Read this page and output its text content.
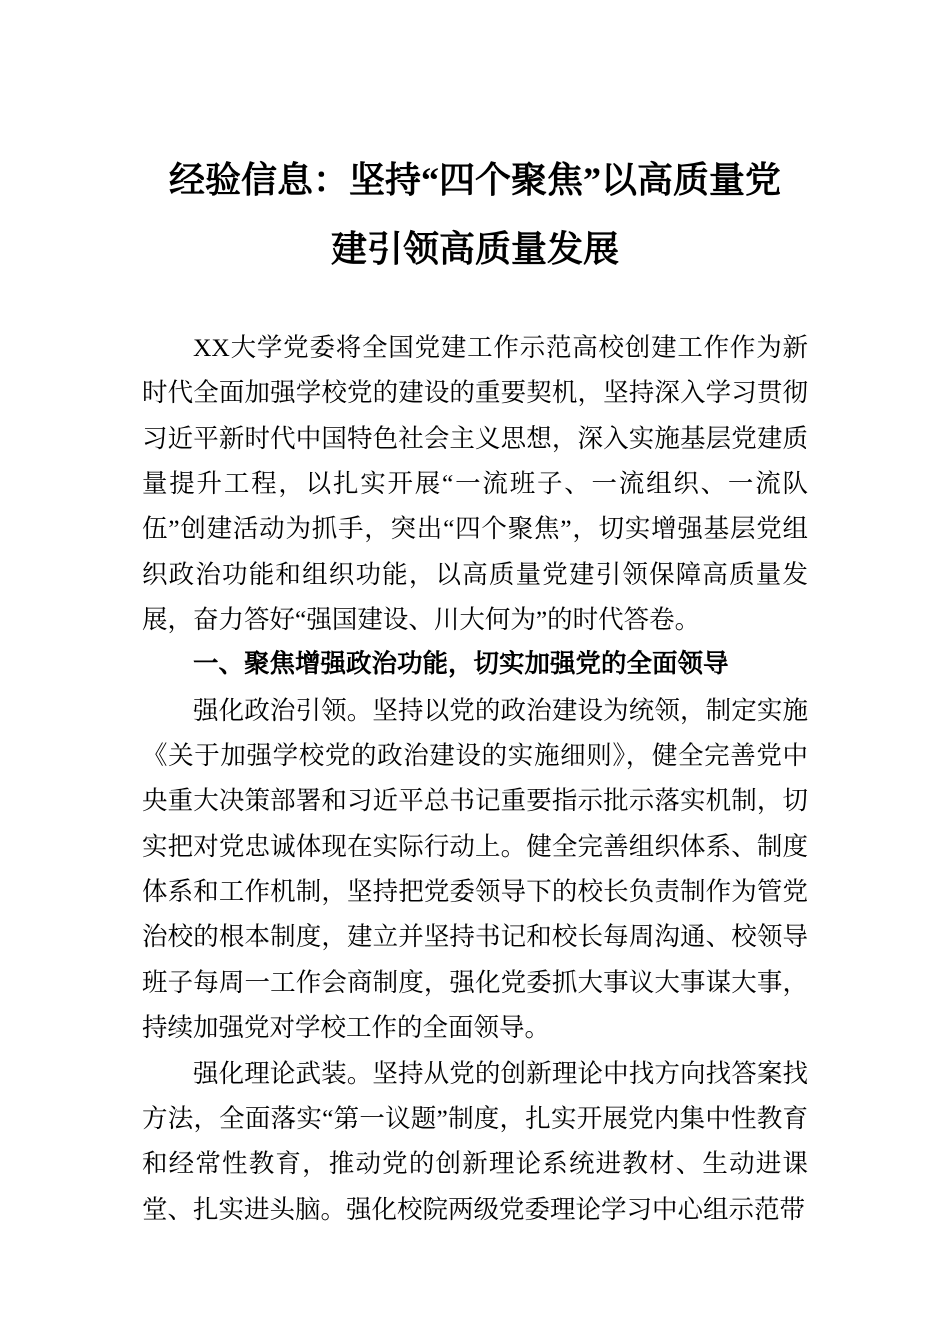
经验信息：坚持“四个聚焦”以高质量党
建引领高质量发展

XX大学党委将全国党建工作示范高校创建工作作为新时代全面加强学校党的建设的重要契机，坚持深入学习贯彻习近平新时代中国特色社会主义思想，深入实施基层党建质量提升工程，以扎实开展“一流班子、一流组织、一流队伍”创建活动为抓手，突出“四个聚焦”，切实增强基层党组织政治功能和组织功能，以高质量党建引领保障高质量发展，奋力答好“强国建设、川大何为”的时代答卷。

一、聚焦增强政治功能，切实加强党的全面领导

强化政治引领。坚持以党的政治建设为统领，制定实施《关于加强学校党的政治建设的实施细则》，健全完善党中央重大决策部署和习近平总书记重要指示批示落实机制，切实把对党忠诚体现在实际行动上。健全完善组织体系、制度体系和工作机制，坚持把党委领导下的校长负责制作为管党治校的根本制度，建立并坚持书记和校长每周沟通、校领导班子每周一工作会商制度，强化党委抓大事议大事谋大事，持续加强党对学校工作的全面领导。

强化理论武装。坚持从党的创新理论中找方向找答案找方法，全面落实“第一议题”制度，扎实开展党内集中性教育和经常性教育，推动党的创新理论系统进教材、生动进课堂、扎实进头脑。强化校院两级党委理论学习中心组示范带
